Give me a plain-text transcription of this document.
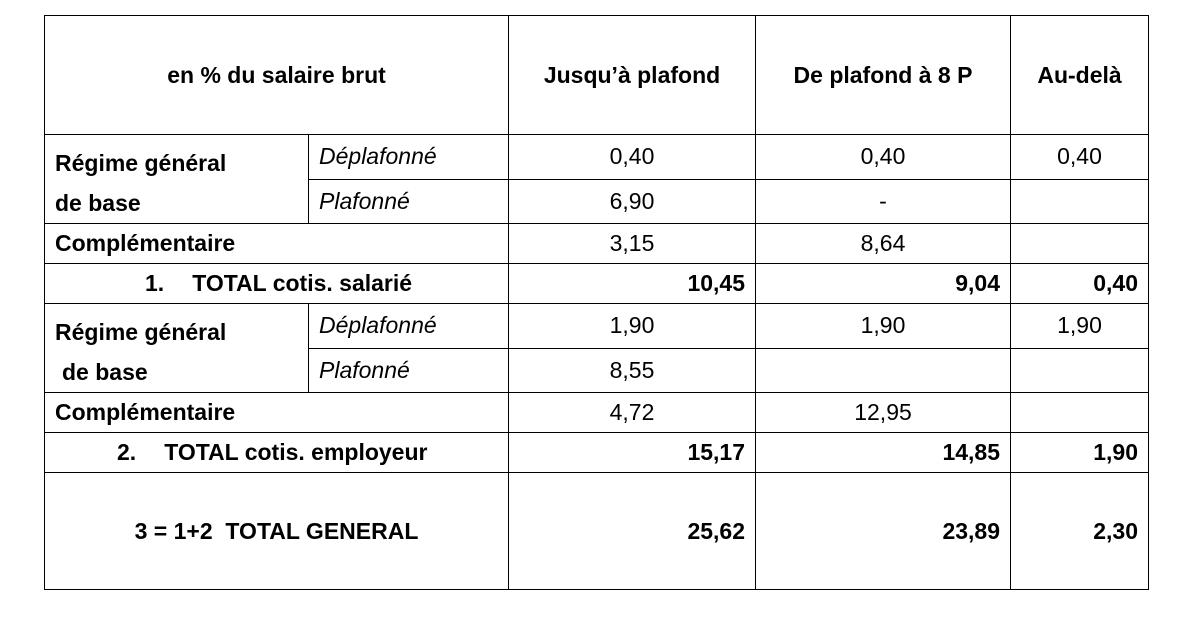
en % du salaire brut		Jusqu’à plafond	De plafond à 8 P	Au-delà

Régime général
de base	Déplafonné	0,40	0,40	0,40
	Plafonné	6,90	-	
Complémentaire		3,15	8,64	
1. TOTAL cotis. salarié		10,45	9,04	0,40

Régime général
de base	Déplafonné	1,90	1,90	1,90
	Plafonné	8,55		
Complémentaire		4,72	12,95	
2. TOTAL cotis. employeur		15,17	14,85	1,90
3 = 1+2  TOTAL GENERAL		25,62	23,89	2,30
